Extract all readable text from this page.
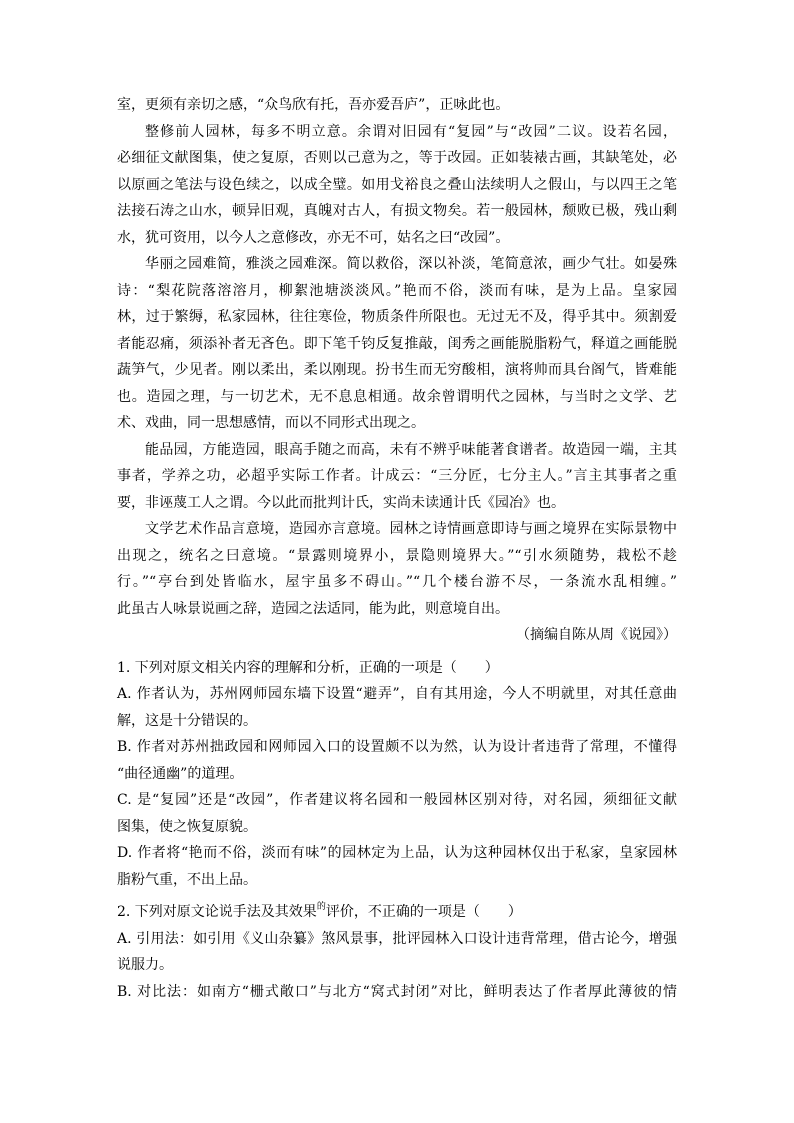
室，更须有亲切之感，“众鸟欣有托，吾亦爱吾庐”，正咏此也。
整修前人园林，每多不明立意。余谓对旧园有“复园”与“改园”二议。设若名园，
必细征文献图集，使之复原，否则以己意为之，等于改园。正如装裱古画，其缺笔处，必
以原画之笔法与设色续之，以成全璧。如用戈裕良之叠山法续明人之假山，与以四王之笔
法接石涛之山水，顿异旧观，真魄对古人，有损文物矣。若一般园林，颓败已极，残山剩
水，犹可资用，以今人之意修改，亦无不可，姑名之曰“改园”。
华丽之园难简，雅淡之园难深。简以救俗，深以补淡，笔简意浓，画少气壮。如晏殊
诗：“梨花院落溶溶月，柳絮池塘淡淡风。”艳而不俗，淡而有味，是为上品。皇家园
林，过于繁缛，私家园林，往往寒俭，物质条件所限也。无过无不及，得乎其中。须割爱
者能忍痛，须添补者无吝色。即下笔千钧反复推敲，闺秀之画能脱脂粉气，释道之画能脱
蔬笋气，少见者。刚以柔出，柔以刚现。扮书生而无穷酸相，演将帅而具台阁气，皆难能
也。造园之理，与一切艺术，无不息息相通。故余曾谓明代之园林，与当时之文学、艺
术、戏曲，同一思想感情，而以不同形式出现之。
能品园，方能造园，眼高手随之而高，未有不辨乎味能著食谱者。故造园一端，主其
事者，学养之功，必超乎实际工作者。计成云：“三分匠，七分主人。”言主其事者之重
要，非诬蔑工人之谓。今以此而批判计氏，实尚未读通计氏《园冶》也。
文学艺术作品言意境，造园亦言意境。园林之诗情画意即诗与画之境界在实际景物中
出现之，统名之曰意境。“景露则境界小，景隐则境界大。”“引水须随势，栽松不趁
行。”“亭台到处皆临水，屋宇虽多不碍山。”“几个楼台游不尽，一条流水乱相缠。”
此虽古人咏景说画之辞，造园之法适同，能为此，则意境自出。
（摘编自陈从周《说园》）
1. 下列对原文相关内容的理解和分析，正确的一项是（　　）
A. 作者认为，苏州网师园东墙下设置“避弄”，自有其用途，今人不明就里，对其任意曲
解，这是十分错误的。
B. 作者对苏州拙政园和网师园入口的设置颇不以为然，认为设计者违背了常理，不懂得
“曲径通幽”的道理。
C. 是“复园”还是“改园”，作者建议将名园和一般园林区别对待，对名园，须细征文献
图集，使之恢复原貌。
D. 作者将“艳而不俗，淡而有味”的园林定为上品，认为这种园林仅出于私家，皇家园林
脂粉气重，不出上品。
2. 下列对原文论说手法及其效果$^的$评价，不正确的一项是（　　）
A. 引用法：如引用《义山杂纂》煞风景事，批评园林入口设计违背常理，借古论今，增强
说服力。
B. 对比法：如南方“栅式敞口”与北方“窝式封闭”对比，鲜明表达了作者厚此薄彼的情
